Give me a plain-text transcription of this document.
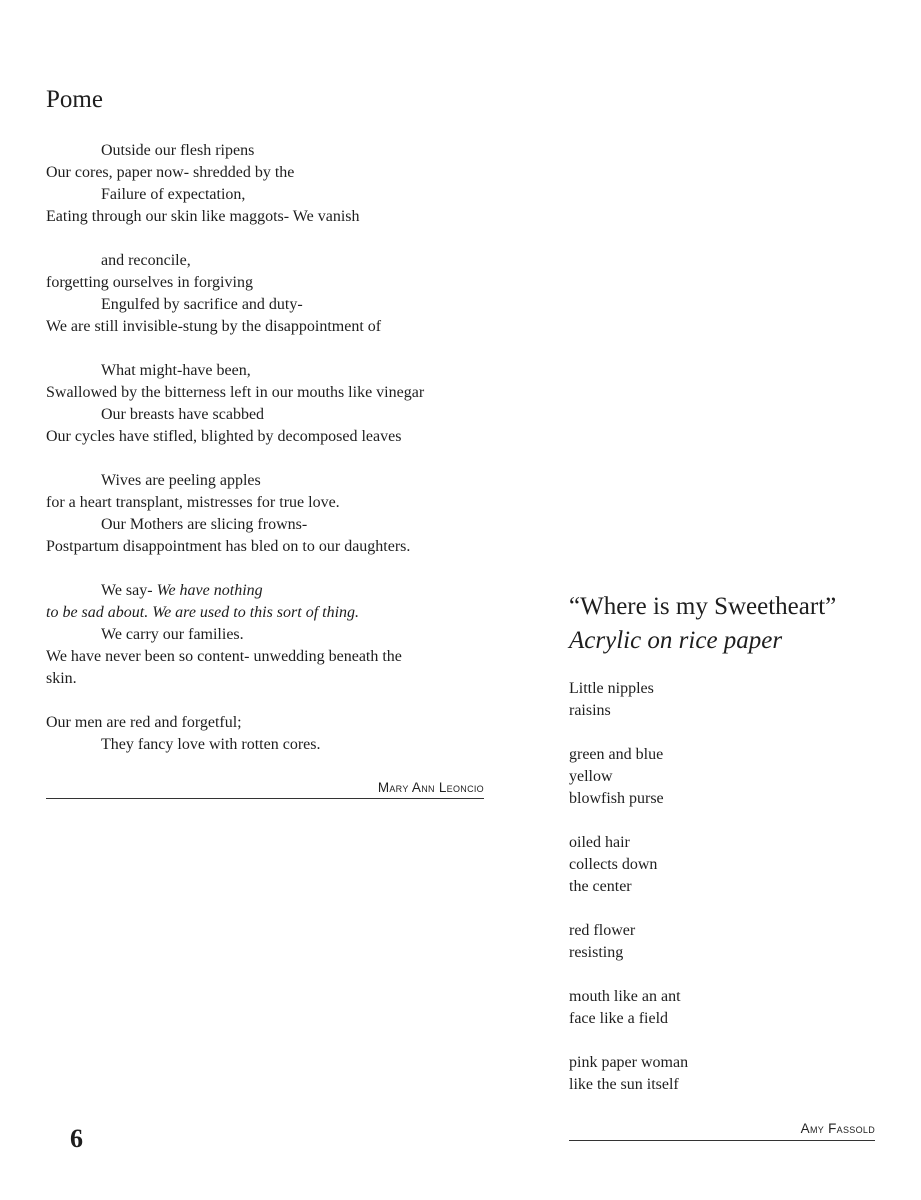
Pome
Outside our flesh ripens
Our cores, paper now- shredded by the
Failure of expectation,
Eating through our skin like maggots- We vanish
and reconcile,
forgetting ourselves in forgiving
Engulfed by sacrifice and duty-
We are still invisible-stung by the disappointment of
What might-have been,
Swallowed by the bitterness left in our mouths like vinegar
Our breasts have scabbed
Our cycles have stifled, blighted by decomposed leaves
Wives are peeling apples
for a heart transplant, mistresses for true love.
Our Mothers are slicing frowns-
Postpartum disappointment has bled on to our daughters.
We say- We have nothing
to be sad about. We are used to this sort of thing.
We carry our families.
We have never been so content- unwedding beneath the
skin.
Our men are red and forgetful;
They fancy love with rotten cores.
Mary Ann Leoncio
“Where is my Sweetheart”
Acrylic on rice paper
Little nipples
raisins
green and blue
yellow
blowfish purse
oiled hair
collects down
the center
red flower
resisting
mouth like an ant
face like a field
pink paper woman
like the sun itself
Amy Fassold
6
